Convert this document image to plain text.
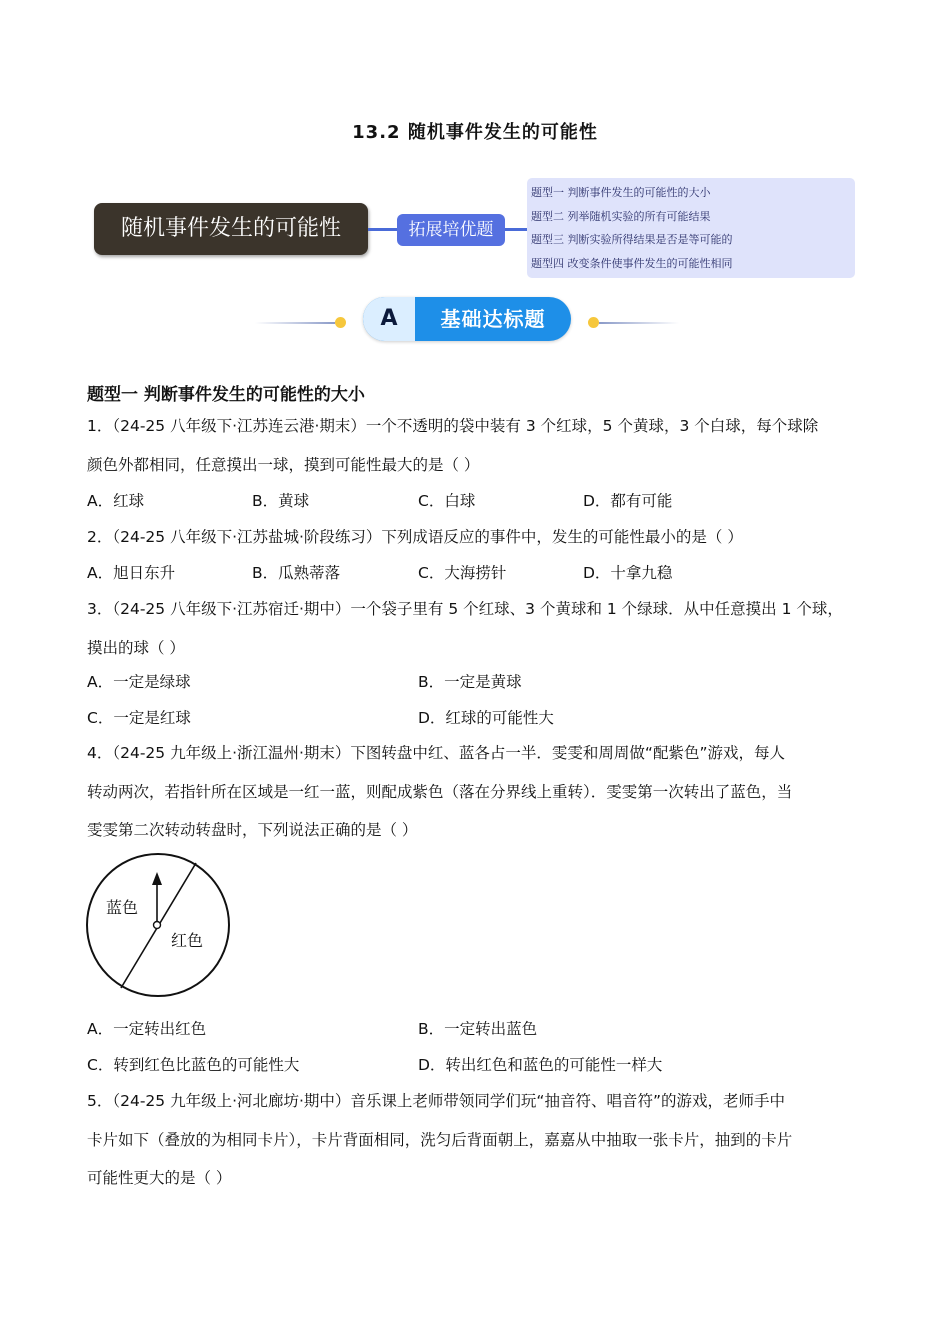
13.2 随机事件发生的可能性
随机事件发生的可能性	拓展培优题
题型一 判断事件发生的可能性的大小
题型二 列举随机实验的所有可能结果
题型三 判断实验所得结果是否是等可能的
题型四 改变条件使事件发生的可能性相同
A	基础达标题
题型一 判断事件发生的可能性的大小
1．（24-25 八年级下·江苏连云港·期末）一个不透明的袋中装有 3 个红球，5 个黄球，3 个白球，每个球除
颜色外都相同，任意摸出一球，摸到可能性最大的是（ ）
A．红球	B．黄球	C．白球	D．都有可能
2．（24-25 八年级下·江苏盐城·阶段练习）下列成语反应的事件中，发生的可能性最小的是（ ）
A．旭日东升	B．瓜熟蒂落	C．大海捞针	D．十拿九稳
3．（24-25 八年级下·江苏宿迁·期中）一个袋子里有 5 个红球、3 个黄球和 1 个绿球．从中任意摸出 1 个球，
摸出的球（ ）
A．一定是绿球	B．一定是黄球
C．一定是红球	D．红球的可能性大
4．（24-25 九年级上·浙江温州·期末）下图转盘中红、蓝各占一半．雯雯和周周做“配紫色”游戏，每人
转动两次，若指针所在区域是一红一蓝，则配成紫色（落在分界线上重转）．雯雯第一次转出了蓝色，当
雯雯第二次转动转盘时，下列说法正确的是（ ）
蓝色
红色
A．一定转出红色	B．一定转出蓝色
C．转到红色比蓝色的可能性大	D．转出红色和蓝色的可能性一样大
5．（24-25 九年级上·河北廊坊·期中）音乐课上老师带领同学们玩“抽音符、唱音符”的游戏，老师手中
卡片如下（叠放的为相同卡片），卡片背面相同，洗匀后背面朝上，嘉嘉从中抽取一张卡片，抽到的卡片
可能性更大的是（ ）
